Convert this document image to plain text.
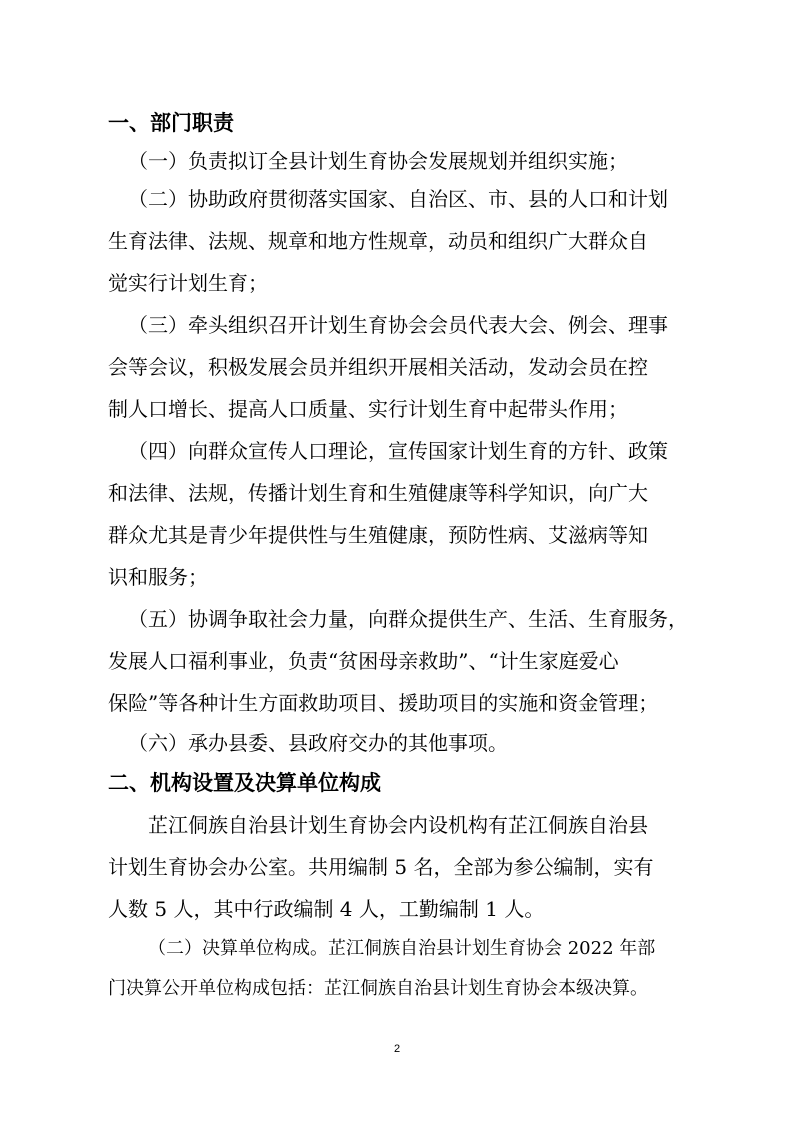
一、部门职责
（一）负责拟订全县计划生育协会发展规划并组织实施；
（二）协助政府贯彻落实国家、自治区、市、县的人口和计划
生育法律、法规、规章和地方性规章，动员和组织广大群众自
觉实行计划生育；
（三）牵头组织召开计划生育协会会员代表大会、例会、理事
会等会议，积极发展会员并组织开展相关活动，发动会员在控
制人口增长、提高人口质量、实行计划生育中起带头作用；
（四）向群众宣传人口理论，宣传国家计划生育的方针、政策
和法律、法规，传播计划生育和生殖健康等科学知识，向广大
群众尤其是青少年提供性与生殖健康，预防性病、艾滋病等知
识和服务；
（五）协调争取社会力量，向群众提供生产、生活、生育服务，
发展人口福利事业，负责“贫困母亲救助”、“计生家庭爱心
保险”等各种计生方面救助项目、援助项目的实施和资金管理；
（六）承办县委、县政府交办的其他事项。
二、机构设置及决算单位构成
芷江侗族自治县计划生育协会内设机构有芷江侗族自治县
计划生育协会办公室。共用编制 5 名，全部为参公编制，实有
人数 5 人，其中行政编制 4 人，工勤编制 1 人。
（二）决算单位构成。芷江侗族自治县计划生育协会 2022 年部
门决算公开单位构成包括：芷江侗族自治县计划生育协会本级决算。
2
